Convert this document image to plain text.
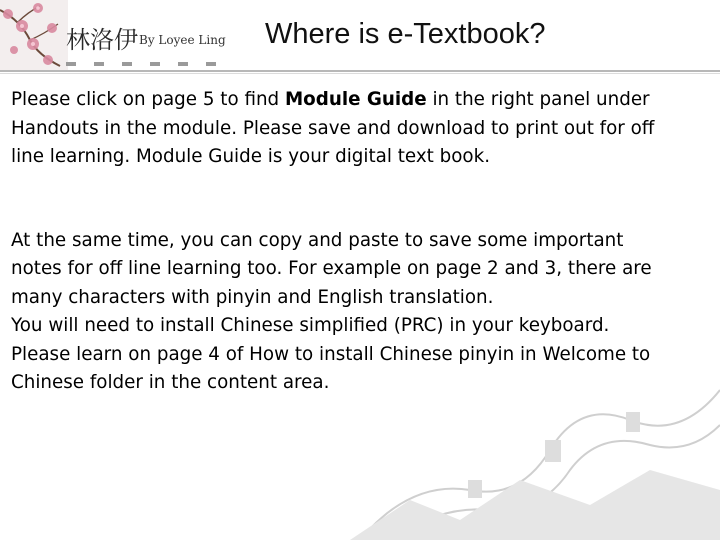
林洛伊 By Loyee Ling Where is e-Textbook?
Please click on page 5 to find Module Guide in the right panel under
Handouts in the module. Please save and download to print out for off
line learning. Module Guide is your digital text book.
At the same time, you can copy and paste to save some important
notes for off line learning too. For example on page 2 and 3, there are
many characters with pinyin and English translation.
You will need to install Chinese simplified (PRC) in your keyboard.
Please learn on page 4 of How to install Chinese pinyin in Welcome to
Chinese folder in the content area.
